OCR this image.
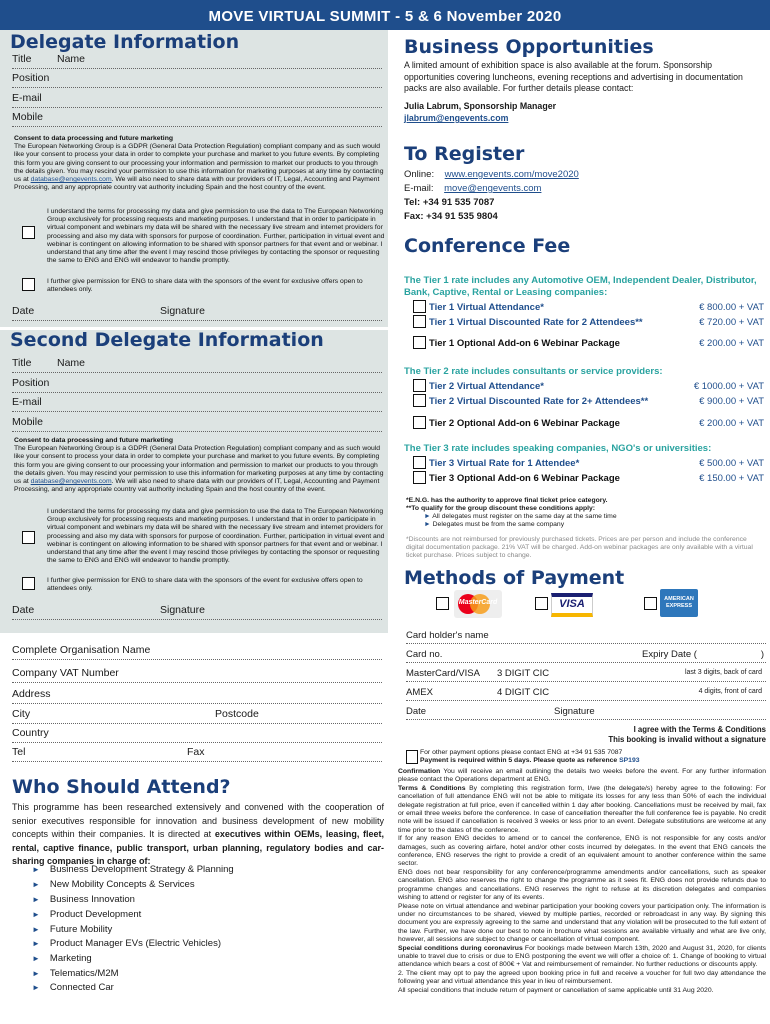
MOVE VIRTUAL SUMMIT - 5 & 6 November 2020
Delegate Information
Title Name
Position
E-mail
Mobile
Consent to data processing and future marketing
The European Networking Group is a GDPR (General Data Protection Regulation) compliant company and as such would like your consent to process your data in order to complete your purchase and market to you future events. By completing this form you are giving consent to our processing your information and permission to market our products to you through the details given. You may rescind your permission to use this information for marketing purposes at any time by contacting us at database@engevents.com. We will also need to share data with our providers of IT, Legal, Accounting and Payment Processing, and any appropriate country vat authority including Spain and the host country of the event.
I understand the terms for processing my data and give permission to use the data to The European Networking Group exclusively for processing requests and marketing purposes. I understand that in order to participate in virtual component and webinars my data will be shared with the necessary live stream and internet providers for processing and also my data with sponsors for purpose of coordination. Further, participation in virtual event and webinar is contingent on allowing information to be shared with sponsor partners for that event and or webinar. I understand that any time after the event I may rescind those privileges by contacting the sponsor or requesting the same to ENG and ENG will endeavor to handle promptly.
I further give permission for ENG to share data with the sponsors of the event for exclusive offers open to attendees only.
Date	Signature
Second Delegate Information
Title Name
Position
E-mail
Mobile
Consent to data processing and future marketing
The European Networking Group is a GDPR (General Data Protection Regulation) compliant company and as such would like your consent to process your data in order to complete your purchase and market to you future events. By completing this form you are giving consent to our processing your information and permission to market our products to you through the details given. You may rescind your permission to use this information for marketing purposes at any time by contacting us at database@engevents.com. We will also need to share data with our providers of IT, Legal, Accounting and Payment Processing, and any appropriate country vat authority including Spain and the host country of the event.
I understand the terms for processing my data and give permission to use the data to The European Networking Group exclusively for processing requests and marketing purposes. I understand that in order to participate in virtual component and webinars my data will be shared with the necessary live stream and internet providers for processing and also my data with sponsors for purpose of coordination. Further, participation in virtual event and webinar is contingent on allowing information to be shared with sponsor partners for that event and or webinar. I understand that any time after the event I may rescind those privileges by contacting the sponsor or requesting the same to ENG and ENG will endeavor to handle promptly.
I further give permission for ENG to share data with the sponsors of the event for exclusive offers open to attendees only.
Date	Signature
Complete Organisation Name
Company VAT Number
Address
City	Postcode
Country
Tel	Fax
Who Should Attend?
This programme has been researched extensively and convened with the cooperation of senior executives responsible for innovation and business development of new mobility concepts within their companies. It is directed at executives within OEMs, leasing, fleet, rental, captive finance, public transport, urban planning, regulatory bodies and car-sharing companies in charge of:
► Business Development Strategy & Planning
► New Mobility Concepts & Services
► Business Innovation
► Product Development
► Future Mobility
► Product Manager EVs (Electric Vehicles)
► Marketing
► Telematics/M2M
► Connected Car
Business Opportunities
A limited amount of exhibition space is also available at the forum. Sponsorship opportunities covering luncheons, evening receptions and advertising in documentation packs are also available. For further details please contact:
Julia Labrum, Sponsorship Manager
jlabrum@engevents.com
To Register
Online: www.engevents.com/move2020
E-mail: move@engevents.com
Tel: +34 91 535 7087
Fax: +34 91 535 9804
Conference Fee
The Tier 1 rate includes any Automotive OEM, Independent Dealer, Distributor, Bank, Captive, Rental or Leasing companies:
Tier 1 Virtual Attendance*	€ 800.00 + VAT
Tier 1 Virtual Discounted Rate for 2 Attendees**	€ 720.00 + VAT
Tier 1 Optional Add-on 6 Webinar Package	€ 200.00 + VAT
The Tier 2 rate includes consultants or service providers:
Tier 2 Virtual Attendance*	€ 1000.00 + VAT
Tier 2 Virtual Discounted Rate for 2+ Attendees**	€ 900.00 + VAT
Tier 2 Optional Add-on 6 Webinar Package	€ 200.00 + VAT
The Tier 3 rate includes speaking companies, NGO's or universities:
Tier 3 Virtual Rate for 1 Attendee*	€ 500.00 + VAT
Tier 3 Optional Add-on 6 Webinar Package	€ 150.00 + VAT
*E.N.G. has the authority to approve final ticket price category.
**To qualify for the group discount these conditions apply:
► All delegates must register on the same day at the same time
► Delegates must be from the same company
*Discounts are not reimbursed for previously purchased tickets. Prices are per person and include the conference digital documentation package. 21% VAT will be charged. Add-on webinar packages are only available with a virtual ticket purchase. Prices subject to change.
Methods of Payment
MasterCard	VISA	AMERICAN EXPRESS
Card holder's name
Card no.	Expiry Date (	)
MasterCard/VISA 3 DIGIT CIC	last 3 digits, back of card
AMEX	4 DIGIT CIC	4 digits, front of card
Date	Signature
I agree with the Terms & Conditions
This booking is invalid without a signature
For other payment options please contact ENG at +34 91 535 7087
Payment is required within 5 days. Please quote as reference SP193
Confirmation You will receive an email outlining the details two weeks before the event. For any further information please contact the Operations department at ENG.
Terms & Conditions By completing this registration form, I/we (the delegate/s) hereby agree to the following: For cancellation of full attendance ENG will not be able to mitigate its losses for any less than 50% of each the individual delegate registration at full price, even if cancelled within 1 day after booking. Cancellations must be received by mail, fax or email three weeks before the conference. In case of cancellation thereafter the full conference fee is payable. No credit note will be issued if cancellation is received 3 weeks or less prior to an event. Delegate substitutions are welcome at any time prior to the dates of the conference.
If for any reason ENG decides to amend or to cancel the conference, ENG is not responsible for any costs and/or damages, such as covering airfare, hotel and/or other costs incurred by delegates. In the event that ENG cancels the conference, ENG reserves the right to provide a credit of an equivalent amount to another conference within the same sector.
ENG does not bear responsibility for any conference/programme amendments and/or cancellations, such as speaker cancellation. ENG also reserves the right to change the programme as it sees fit. ENG does not provide refunds due to programme changes and cancellations. ENG reserves the right to refuse at its discretion delegates and companies wishing to attend or register for any of its events.
Please note on virtual attendance and webinar participation your booking covers your participation only. The information is under no circumstances to be shared, viewed by multiple parties, recorded or rebroadcast in any way. By signing this document you are expressly agreeing to the same and understand that any violation will be prosecuted to the full extent of the law. Further, we have done our best to note in brochure what sessions are available virtually and what are live only, however, all sessions are subject to change or cancellation of virtual component.
Special conditions during coronavirus For bookings made between March 13th, 2020 and August 31, 2020, for clients unable to travel due to crisis or due to ENG postponing the event we will offer a choice of: 1. Change of booking to virtual attendance which bears a cost of 800€ + Vat and reimbursement of remainder. No further reductions or discounts apply.
2. The client may opt to pay the agreed upon booking price in full and receive a voucher for full two day attendance the following year and virtual attendance this year in lieu of reimbursement.
All special conditions that include return of payment or cancellation of same applicable until 31 Aug 2020.
